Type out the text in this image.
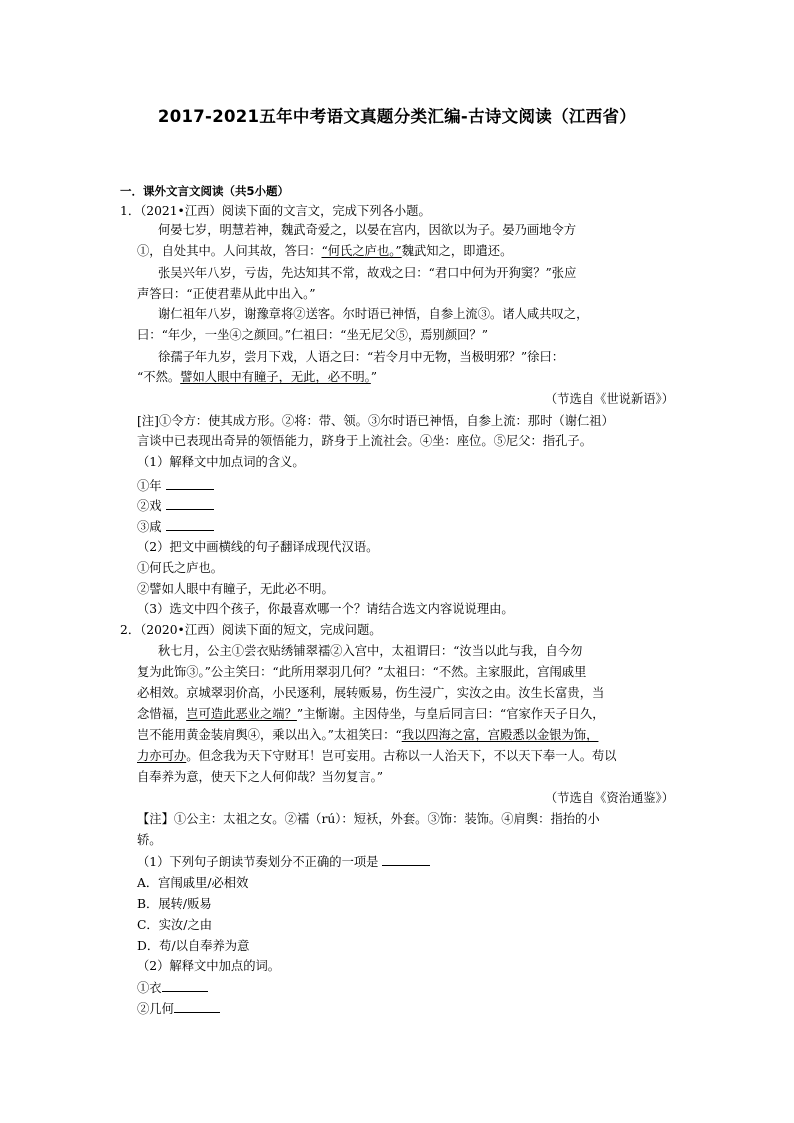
2017-2021五年中考语文真题分类汇编-古诗文阅读（江西省）
一．课外文言文阅读（共5小题）
1．（2021•江西）阅读下面的文言文，完成下列各小题。
何晏七岁，明慧若神，魏武奇爱之，以晏在宫内，因欲以为子。晏乃画地令方
①，自处其中。人问其故，答曰：“何氏之庐也。”魏武知之，即遣还。
张吴兴年八岁，亏齿，先达知其不常，故戏之曰：“君口中何为开狗窦？”张应
声答曰：“正使君辈从此中出入。”
谢仁祖年八岁，谢豫章将②送客。尔时语已神悟，自参上流③。诸人咸共叹之，
曰：“年少，一坐④之颜回。”仁祖曰：“坐无尼父⑤，焉别颜回？”
徐孺子年九岁，尝月下戏，人语之曰：“若令月中无物，当极明邪？”徐曰：
“不然。譬如人眼中有瞳子，无此，必不明。”
（节选自《世说新语》）
[注]①令方：使其成方形。②将：带、领。③尔时语已神悟，自参上流：那时（谢仁祖）
言谈中已表现出奇异的领悟能力，跻身于上流社会。④坐：座位。⑤尼父：指孔子。
（1）解释文中加点词的含义。
①年
②戏
③咸
（2）把文中画横线的句子翻译成现代汉语。
①何氏之庐也。
②譬如人眼中有瞳子，无此必不明。
（3）选文中四个孩子，你最喜欢哪一个？请结合选文内容说说理由。
2．（2020•江西）阅读下面的短文，完成问题。
秋七月，公主①尝衣贴绣铺翠襦②入宫中，太祖谓曰：“汝当以此与我，自今勿
复为此饰③。”公主笑曰：“此所用翠羽几何？”太祖曰：“不然。主家服此，宫闱戚里
必相效。京城翠羽价高，小民逐利，展转贩易，伤生浸广，实汝之由。汝生长富贵，当
念惜福，岂可造此恶业之端？”主惭谢。主因侍坐，与皇后同言曰：“官家作天子日久，
岂不能用黄金装肩舆④，乘以出入。”太祖笑曰：“我以四海之富，宫殿悉以金银为饰，
力亦可办。但念我为天下守财耳！岂可妄用。古称以一人治天下，不以天下奉一人。苟以
自奉养为意，使天下之人何仰哉？当勿复言。”
（节选自《资治通鉴》）
【注】①公主：太祖之女。②襦（rú）：短袄，外套。③饰：装饰。④肩舆：指抬的小
轿。
（1）下列句子朗读节奏划分不正确的一项是
A．宫闱戚里/必相效
B．展转/贩易
C．实汝/之由
D．苟/以自奉养为意
（2）解释文中加点的词。
①衣
②几何
